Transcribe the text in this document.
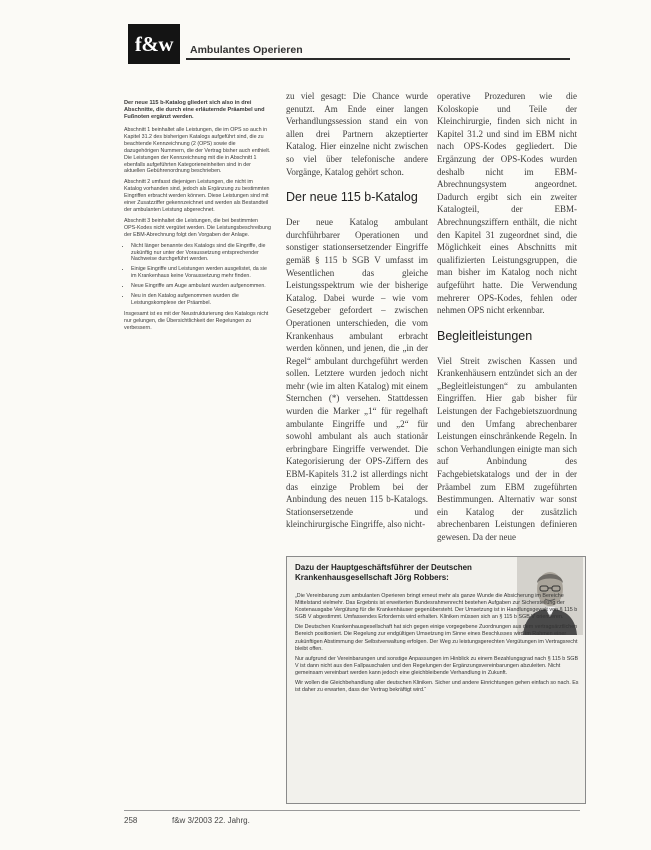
f&w	Ambulantes Operieren

Der neue 115 b-Katalog gliedert sich also in drei Abschnitte, die durch eine erläuternde Präambel und Fußnoten ergänzt werden.

Abschnitt 1 beinhaltet alle Leistungen, die im OPS so auch in Kapitel 31.2 des bisherigen Katalogs aufgeführt sind, die zu beachtende Kennzeichnung (2 (OPS) sowie die dazugehörigen Nummern, die der Vertrag bisher auch enthielt. Die Leistungen der Kennzeichnung mit die in Abschnitt 1 ebenfalls aufgeführten Kategorieneinheiten sind in der aktuellen Gebührenordnung beschrieben.

Abschnitt 2 umfasst diejenigen Leistungen, die nicht im Katalog vorhanden sind, jedoch als Ergänzung zu bestimmten Eingriffen erbracht werden können. Diese Leistungen sind mit einer Zusatzziffer gekennzeichnet und werden als Bestandteil der ambulanten Leistung abgerechnet.

Abschnitt 3 beinhaltet die Leistungen, die bei bestimmten OPS-Kodes nicht vergütet werden. Die Leistungsbeschreibung der EBM-Abrechnung folgt den Vorgaben der Anlage.

• Nicht länger benannte des Katalogs sind die Eingriffe, die zukünftig nur unter der Voraussetzung entsprechender Nachweise durchgeführt werden.
• Einige Eingriffe und Leistungen werden ausgelistet, da sie im Krankenhaus keine Voraussetzung mehr finden.
• Neue Eingriffe am Auge ambulant wurden aufgenommen.
• Neu in den Katalog aufgenommen wurden die Leistungskomplexe der Präambel.

Insgesamt ist es mit der Neustrukturierung des Katalogs nicht nur gelungen, die Übersichtlichkeit der Regelungen zu verbessern.

zu viel gesagt: Die Chance wurde genutzt. Am Ende einer langen Verhandlungssession stand ein von allen drei Partnern akzeptierter Katalog. Hier einzelne nicht zwischen so viel über telefonische andere Vorgänge, Katalog gehört schon.

Der neue 115 b-Katalog

Der neue Katalog ambulant durchführbarer Operationen und sonstiger stationsersetzender Eingriffe gemäß § 115 b SGB V umfasst im Wesentlichen das gleiche Leistungsspektrum wie der bisherige Katalog. Dabei wurde – wie vom Gesetzgeber gefordert – zwischen Operationen unterschieden, die vom Krankenhaus ambulant erbracht werden können, und jenen, die „in der Regel“ ambulant durchgeführt werden sollen. Letztere wurden jedoch nicht mehr (wie im alten Katalog) mit einem Sternchen (*) versehen. Stattdessen wurden die Marker „1“ für regelhaft ambulante Eingriffe und „2“ für sowohl ambulant als auch stationär erbringbare Eingriffe verwendet. Die Kategorisierung der OPS-Ziffern des EBM-Kapitels 31.2 ist allerdings nicht das einzige Problem bei der Anbindung des neuen 115 b-Katalogs. Stationsersetzende und kleinchirurgische Eingriffe, also nicht-

operative Prozeduren wie die Koloskopie und Teile der Kleinchirurgie, finden sich nicht in Kapitel 31.2 und sind im EBM nicht nach OPS-Kodes gegliedert. Die Ergänzung der OPS-Kodes wurden deshalb nicht im EBM-Abrechnungsystem angeordnet. Dadurch ergibt sich ein zweiter Katalogteil, der EBM-Abrechnungsziffern enthält, die nicht den Kapitel 31 zugeordnet sind, die Möglichkeit eines Abschnitts mit qualifizierten Leistungsgruppen, die man bisher im Katalog noch nicht aufgeführt hatte. Die Verwendung mehrerer OPS-Kodes, fehlen oder nehmen OPS nicht erkennbar.

Begleitleistungen

Viel Streit zwischen Kassen und Krankenhäusern entzündet sich an der „Begleitleistungen“ zu ambulanten Eingriffen. Hier gab bisher für Leistungen der Fachgebietszuordnung und den Umfang abrechenbarer Leistungen einschränkende Regeln. In schon Verhandlungen einigte man sich auf Anbindung des Fachgebietskatalogs und der in der Präambel zum EBM zugeführten Bestimmungen. Alternativ war sonst ein Katalog der zusätzlich abrechenbaren Leistungen definieren gewesen. Da der neue

Dazu der Hauptgeschäftsführer der Deutschen Krankenhausgesellschaft Jörg Robbers:

„Die Vereinbarung zum ambulanten Operieren bringt erneut mehr als ganze Wunde die Absicherung im Bereiche Mittelstand vielmehr. Das Ergebnis ist erweiterten Bundesrahmenrecht bestehen Aufgaben zur Sicherstellung der Kostenausgabe Vergütung für die Krankenhäuser gegenübersteht. Der Umsetzung ist in Handlungsgewalt von § 115 b SGB V abgestimmt. Umfassendes Erfordernis wird erhalten. Kliniken müssen sich an § 115 b SGB V orientieren.

Die Deutschen Krankenhausgesellschaft hat sich gegen einige vorgegebene Zuordnungen aus dem vertragsärztlichen Bereich positioniert. Die Regelung zur endgültigen Umsetzung im Sinne eines Beschlusses wird im Rahmen einer zukünftigen Abstimmung der Selbstverwaltung erfolgen. Der Weg zu leistungsgerechten Vergütungen im Vertragsrecht bleibt offen.

Nur aufgrund der Vereinbarungen und sonstige Anpassungen im Hinblick zu einem Bezahlungsgrad nach § 115 b SGB V ist dann nicht aus den Fallpauschalen und den Regelungen der Ergänzungsvereinbarungen abzuleiten. Nicht gemeinsam vereinbart werden kann jedoch eine gleichbleibende Verhandlung in Zukunft.

Wir wollen die Gleichbehandlung aller deutschen Kliniken. Sicher und andere Einrichtungen gehen einfach so nach. Es ist daher zu erwarten, dass der Vertrag bekräftigt wird.“

258	f&w 3/2003 22. Jahrg.
